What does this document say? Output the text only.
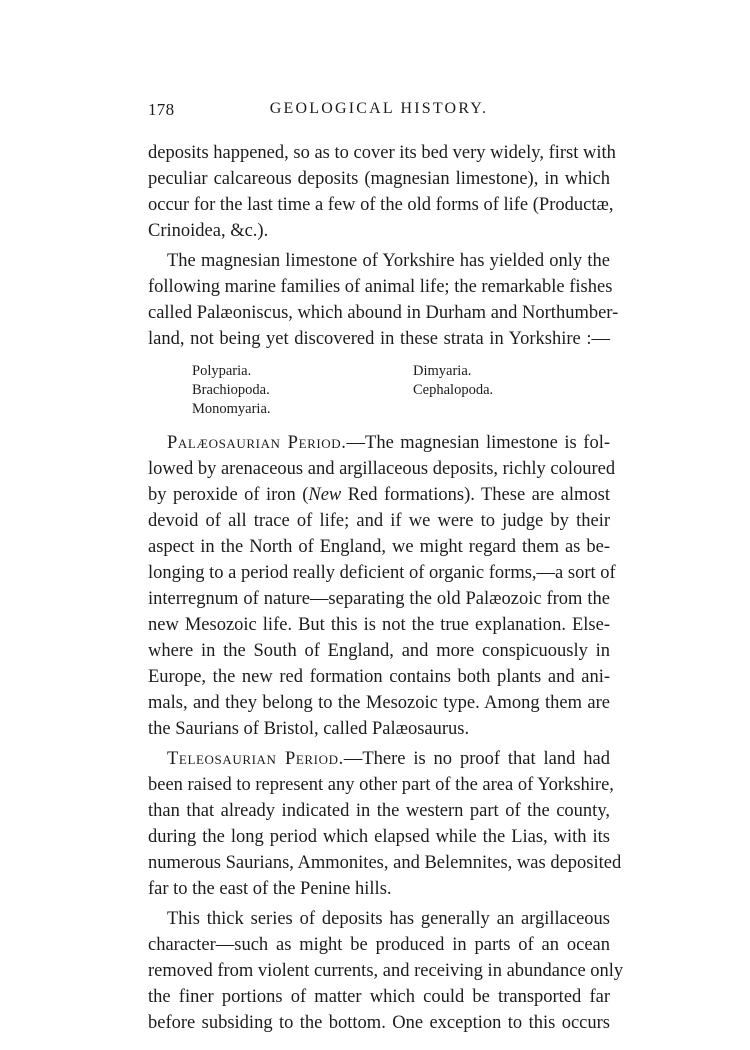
178	GEOLOGICAL HISTORY.
deposits happened, so as to cover its bed very widely, first with
peculiar calcareous deposits (magnesian limestone), in which
occur for the last time a few of the old forms of life (Productæ,
Crinoidea, &c.).
The magnesian limestone of Yorkshire has yielded only the
following marine families of animal life; the remarkable fishes
called Palæoniscus, which abound in Durham and Northumber-
land, not being yet discovered in these strata in Yorkshire :—
Polyparia.
Brachiopoda.
Monomyaria.
Dimyaria.
Cephalopoda.
Palæosaurian Period.—The magnesian limestone is fol-
lowed by arenaceous and argillaceous deposits, richly coloured
by peroxide of iron (New Red formations). These are almost
devoid of all trace of life; and if we were to judge by their
aspect in the North of England, we might regard them as be-
longing to a period really deficient of organic forms,—a sort of
interregnum of nature—separating the old Palæozoic from the
new Mesozoic life. But this is not the true explanation. Else-
where in the South of England, and more conspicuously in
Europe, the new red formation contains both plants and ani-
mals, and they belong to the Mesozoic type. Among them are
the Saurians of Bristol, called Palæosaurus.
Teleosaurian Period.—There is no proof that land had
been raised to represent any other part of the area of Yorkshire,
than that already indicated in the western part of the county,
during the long period which elapsed while the Lias, with its
numerous Saurians, Ammonites, and Belemnites, was deposited
far to the east of the Penine hills.
This thick series of deposits has generally an argillaceous
character—such as might be produced in parts of an ocean
removed from violent currents, and receiving in abundance only
the finer portions of matter which could be transported far
before subsiding to the bottom. One exception to this occurs
